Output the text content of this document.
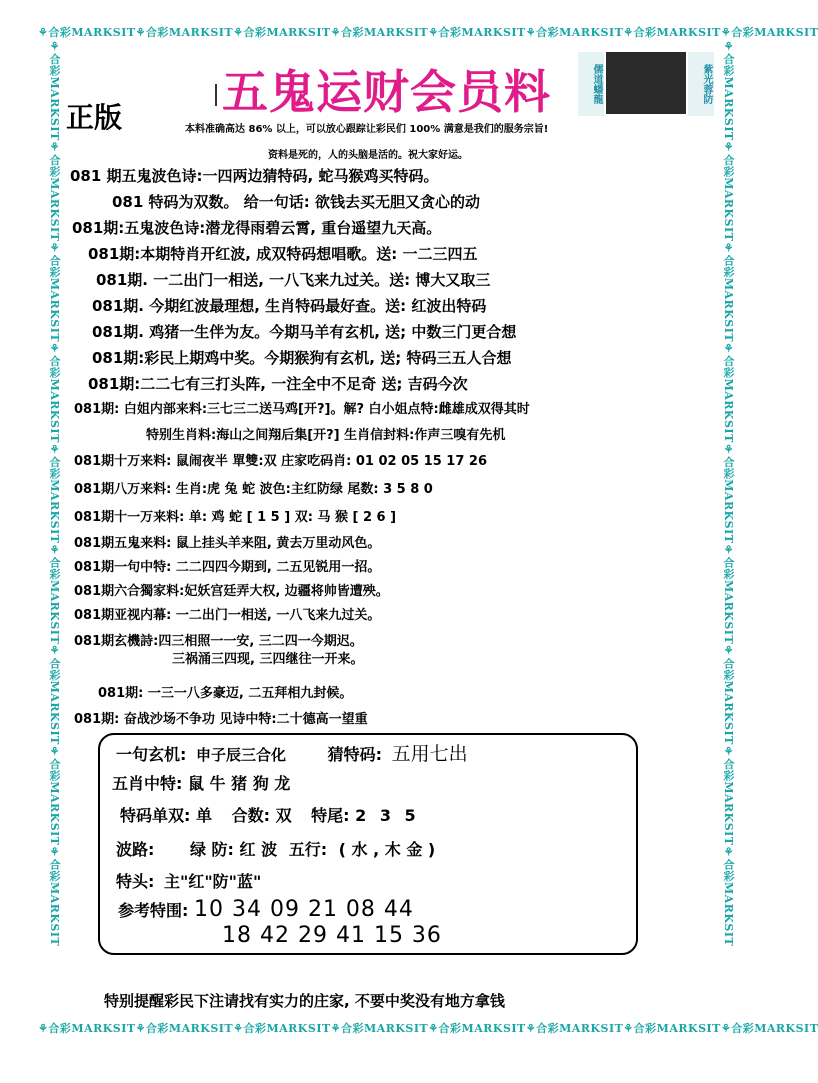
⚘合彩MARKSIT⚘合彩MARKSIT⚘合彩MARKSIT⚘合彩MARKSIT⚘合彩MARKSIT⚘合彩MARKSIT⚘合彩MARKSIT⚘合彩MARKSIT
⚘合彩MARKSIT⚘合彩MARKSIT⚘合彩MARKSIT⚘合彩MARKSIT⚘合彩MARKSIT⚘合彩MARKSIT⚘合彩MARKSIT⚘合彩MARKSIT
⚘合彩MARKSIT⚘合彩MARKSIT⚘合彩MARKSIT⚘合彩MARKSIT⚘合彩MARKSIT⚘合彩MARKSIT⚘合彩MARKSIT⚘合彩MARKSIT⚘合彩MARKSIT	⚘合彩MARKSIT⚘合彩MARKSIT⚘合彩MARKSIT⚘合彩MARKSIT⚘合彩MARKSIT⚘合彩MARKSIT⚘合彩MARKSIT⚘合彩MARKSIT⚘合彩MARKSIT
五鬼运财会员料
正版
儒道蟠龍	紫光蓉防
本料准确高达 86% 以上，可以放心跟踪让彩民们 100% 满意是我们的服务宗旨!
资料是死的，人的头脑是活的。祝大家好运。
081 期五鬼波色诗:一四两边猜特码, 蛇马猴鸡买特码。
081 特码为双数。 给一句话: 欲钱去买无胆又贪心的动
081期:五鬼波色诗:潜龙得雨碧云霄, 重台遥望九天高。
081期:本期特肖开红波, 成双特码想唱歌。送: 一二三四五
081期. 一二出门一相送, 一八飞来九过关。送: 博大又取三
081期. 今期红波最理想, 生肖特码最好查。送: 红波出特码
081期. 鸡猪一生伴为友。今期马羊有玄机, 送; 中数三门更合想
081期:彩民上期鸡中奖。今期猴狗有玄机, 送; 特码三五人合想
081期:二二七有三打头阵, 一注全中不足奇 送; 吉码今次
081期: 白姐内部来料:三七三二送马鸡[开?]。解? 白小姐点特:雌雄成双得其时
特别生肖料:海山之间翔后集[开?] 生肖信封料:作声三嗅有先机
081期十万来料: 鼠闹夜半 單雙:双 庄家吃码肖: 01 02 05 15 17 26
081期八万来料: 生肖:虎 兔 蛇 波色:主红防绿 尾数: 3 5 8 0
081期十一万来料: 单: 鸡 蛇 [ 1 5 ] 双: 马 猴 [ 2 6 ]
081期五鬼来料: 鼠上挂头羊来阻, 黄去万里动风色。
081期一句中特: 二二四四今期到, 二五见锐用一招。
081期六合獨家料:妃妖宫廷弄大权, 边疆将帅皆遭殃。
081期亚视内幕: 一二出门一相送, 一八飞来九过关。
081期玄機詩:四三相照一一安, 三二四一今期迟。
三祸涌三四现, 三四继往一开来。
081期: 一三一八多豪迈, 二五拜相九封候。
081期: 奋战沙场不争功 见诗中特:二十德高一望重
一句玄机: 申子辰三合化	猜特码: 五用七出
五肖中特: 鼠 牛 猪 狗 龙
特码单双: 单 合数: 双 特尾: 2 3 5
波路: 绿 防: 红 波 五行: ( 水 , 木 金 )
特头: 主"红"防"蓝"
参考特围: 10 34 09 21 08 44
18 42 29 41 15 36
特别提醒彩民下注请找有实力的庄家, 不要中奖没有地方拿钱
